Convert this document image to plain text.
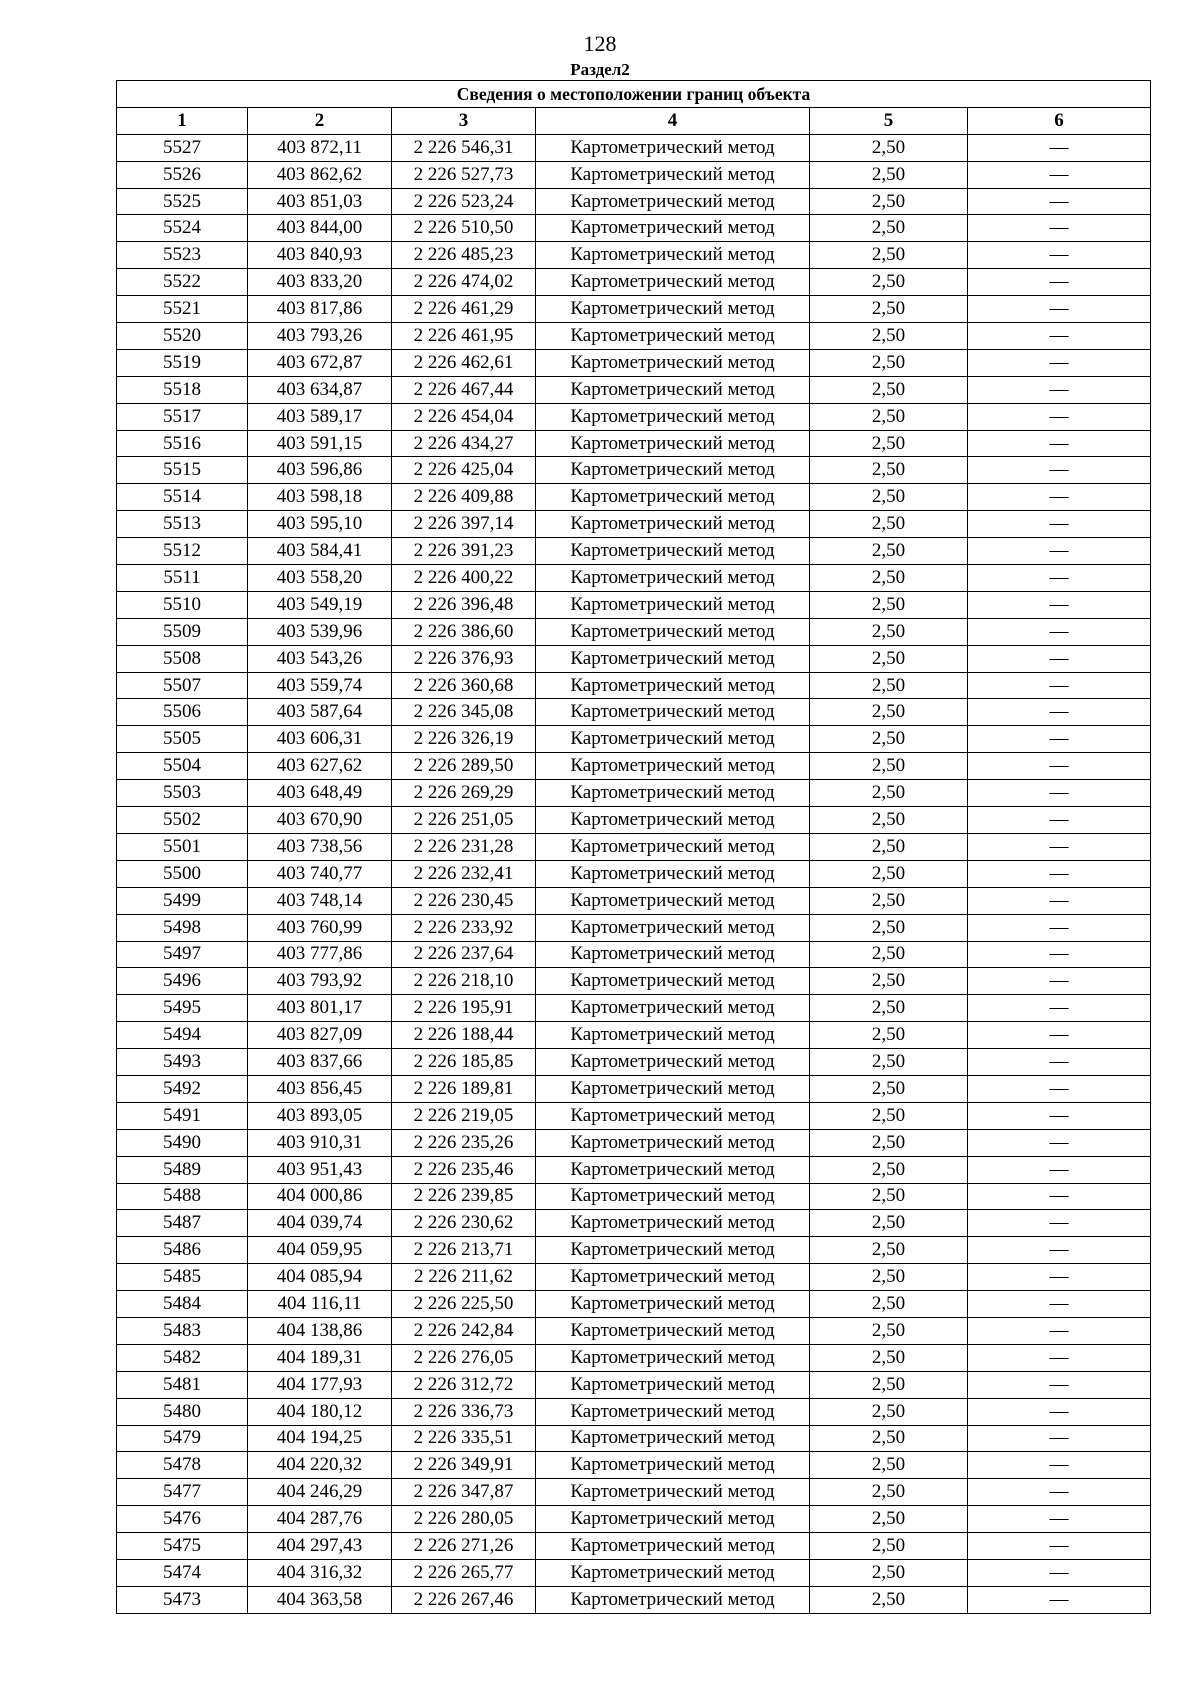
128
Раздел2
Сведения о местоположении границ объекта					
1	2	3	4	5	6
5527	403 872,11	2 226 546,31	Картометрический метод	2,50	—
5526	403 862,62	2 226 527,73	Картометрический метод	2,50	—
5525	403 851,03	2 226 523,24	Картометрический метод	2,50	—
5524	403 844,00	2 226 510,50	Картометрический метод	2,50	—
5523	403 840,93	2 226 485,23	Картометрический метод	2,50	—
5522	403 833,20	2 226 474,02	Картометрический метод	2,50	—
5521	403 817,86	2 226 461,29	Картометрический метод	2,50	—
5520	403 793,26	2 226 461,95	Картометрический метод	2,50	—
5519	403 672,87	2 226 462,61	Картометрический метод	2,50	—
5518	403 634,87	2 226 467,44	Картометрический метод	2,50	—
5517	403 589,17	2 226 454,04	Картометрический метод	2,50	—
5516	403 591,15	2 226 434,27	Картометрический метод	2,50	—
5515	403 596,86	2 226 425,04	Картометрический метод	2,50	—
5514	403 598,18	2 226 409,88	Картометрический метод	2,50	—
5513	403 595,10	2 226 397,14	Картометрический метод	2,50	—
5512	403 584,41	2 226 391,23	Картометрический метод	2,50	—
5511	403 558,20	2 226 400,22	Картометрический метод	2,50	—
5510	403 549,19	2 226 396,48	Картометрический метод	2,50	—
5509	403 539,96	2 226 386,60	Картометрический метод	2,50	—
5508	403 543,26	2 226 376,93	Картометрический метод	2,50	—
5507	403 559,74	2 226 360,68	Картометрический метод	2,50	—
5506	403 587,64	2 226 345,08	Картометрический метод	2,50	—
5505	403 606,31	2 226 326,19	Картометрический метод	2,50	—
5504	403 627,62	2 226 289,50	Картометрический метод	2,50	—
5503	403 648,49	2 226 269,29	Картометрический метод	2,50	—
5502	403 670,90	2 226 251,05	Картометрический метод	2,50	—
5501	403 738,56	2 226 231,28	Картометрический метод	2,50	—
5500	403 740,77	2 226 232,41	Картометрический метод	2,50	—
5499	403 748,14	2 226 230,45	Картометрический метод	2,50	—
5498	403 760,99	2 226 233,92	Картометрический метод	2,50	—
5497	403 777,86	2 226 237,64	Картометрический метод	2,50	—
5496	403 793,92	2 226 218,10	Картометрический метод	2,50	—
5495	403 801,17	2 226 195,91	Картометрический метод	2,50	—
5494	403 827,09	2 226 188,44	Картометрический метод	2,50	—
5493	403 837,66	2 226 185,85	Картометрический метод	2,50	—
5492	403 856,45	2 226 189,81	Картометрический метод	2,50	—
5491	403 893,05	2 226 219,05	Картометрический метод	2,50	—
5490	403 910,31	2 226 235,26	Картометрический метод	2,50	—
5489	403 951,43	2 226 235,46	Картометрический метод	2,50	—
5488	404 000,86	2 226 239,85	Картометрический метод	2,50	—
5487	404 039,74	2 226 230,62	Картометрический метод	2,50	—
5486	404 059,95	2 226 213,71	Картометрический метод	2,50	—
5485	404 085,94	2 226 211,62	Картометрический метод	2,50	—
5484	404 116,11	2 226 225,50	Картометрический метод	2,50	—
5483	404 138,86	2 226 242,84	Картометрический метод	2,50	—
5482	404 189,31	2 226 276,05	Картометрический метод	2,50	—
5481	404 177,93	2 226 312,72	Картометрический метод	2,50	—
5480	404 180,12	2 226 336,73	Картометрический метод	2,50	—
5479	404 194,25	2 226 335,51	Картометрический метод	2,50	—
5478	404 220,32	2 226 349,91	Картометрический метод	2,50	—
5477	404 246,29	2 226 347,87	Картометрический метод	2,50	—
5476	404 287,76	2 226 280,05	Картометрический метод	2,50	—
5475	404 297,43	2 226 271,26	Картометрический метод	2,50	—
5474	404 316,32	2 226 265,77	Картометрический метод	2,50	—
5473	404 363,58	2 226 267,46	Картометрический метод	2,50	—
